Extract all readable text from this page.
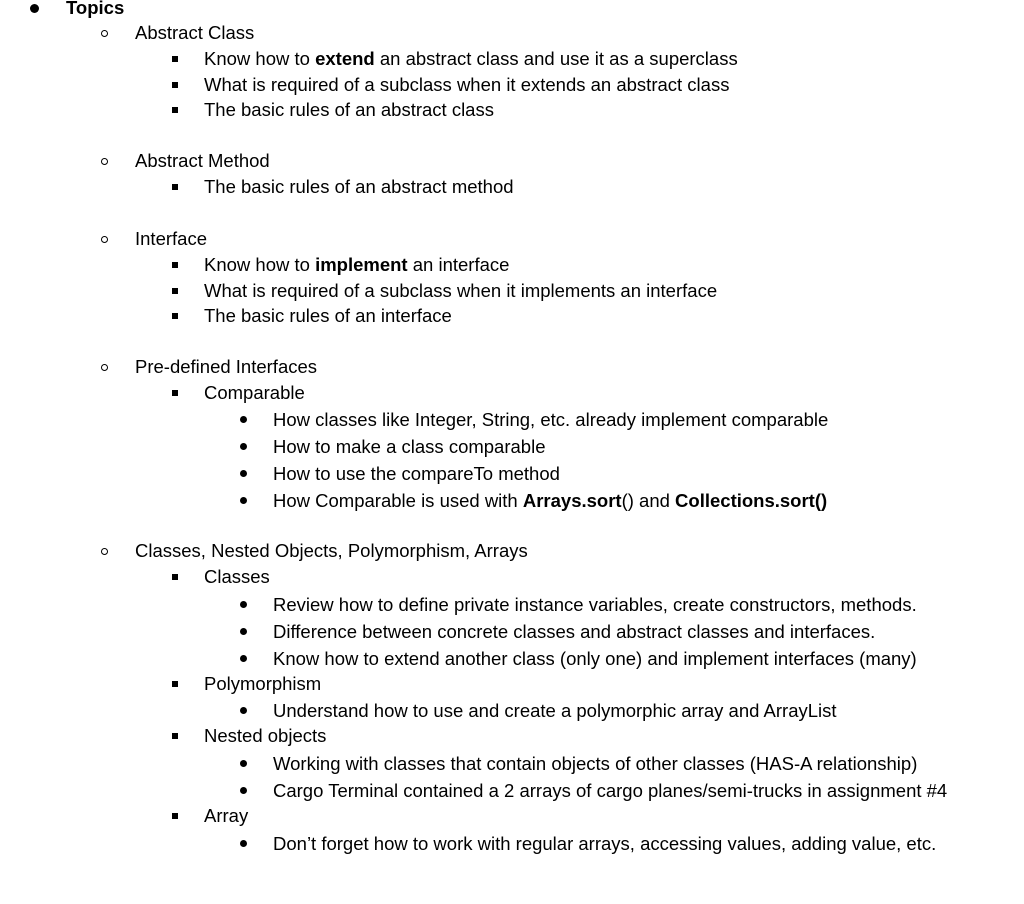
Topics
Abstract Class
Know how to extend an abstract class and use it as a superclass
What is required of a subclass when it extends an abstract class
The basic rules of an abstract class
Abstract Method
The basic rules of an abstract method
Interface
Know how to implement an interface
What is required of a subclass when it implements an interface
The basic rules of an interface
Pre-defined Interfaces
Comparable
How classes like Integer, String, etc. already implement comparable
How to make a class comparable
How to use the compareTo method
How Comparable is used with Arrays.sort() and Collections.sort()
Classes, Nested Objects, Polymorphism, Arrays
Classes
Review how to define private instance variables, create constructors, methods.
Difference between concrete classes and abstract classes and interfaces.
Know how to extend another class (only one) and implement interfaces (many)
Polymorphism
Understand how to use and create a polymorphic array and ArrayList
Nested objects
Working with classes that contain objects of other classes (HAS-A relationship)
Cargo Terminal contained a 2 arrays of cargo planes/semi-trucks in assignment #4
Array
Don’t forget how to work with regular arrays, accessing values, adding value, etc.
